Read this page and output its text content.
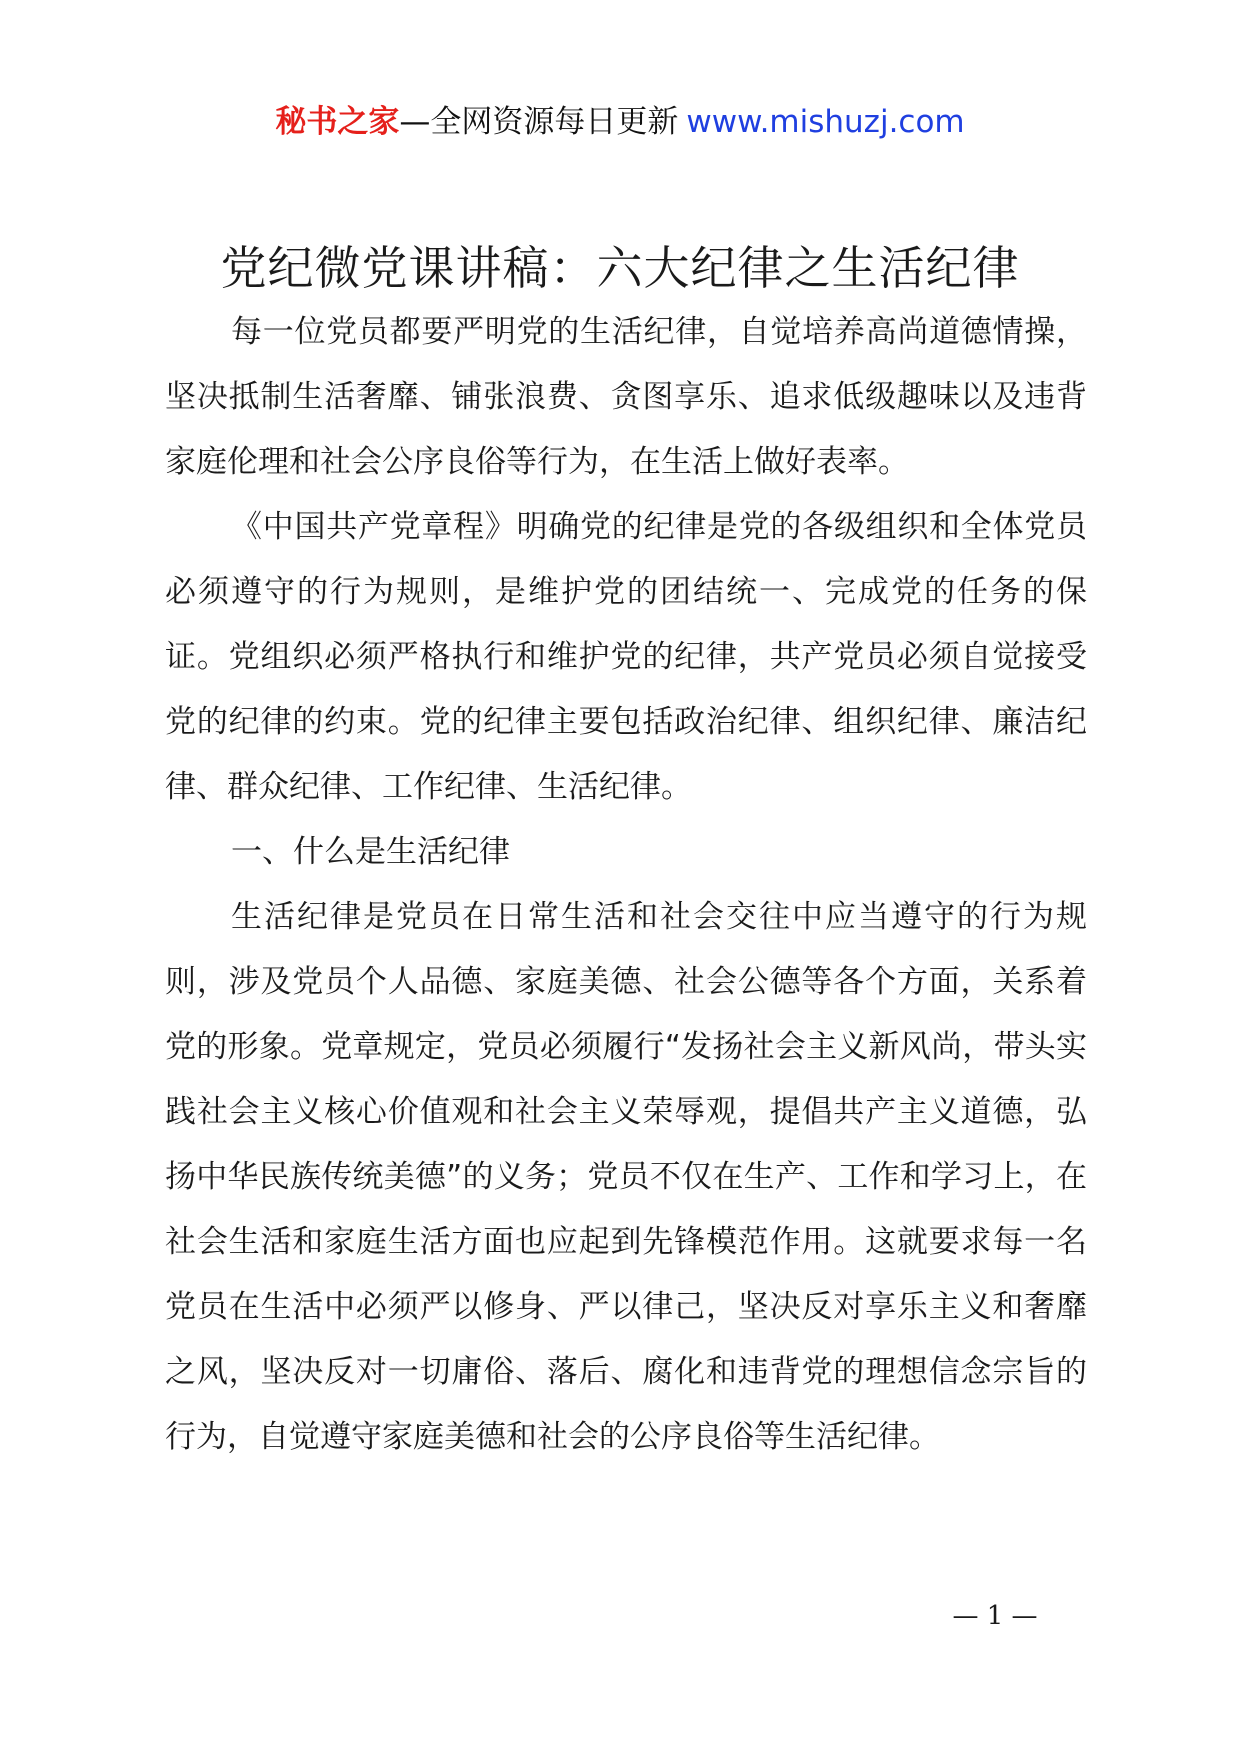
秘书之家—全网资源每日更新 www.mishuzj.com
党纪微党课讲稿：六大纪律之生活纪律

每一位党员都要严明党的生活纪律，自觉培养高尚道德情操，坚决抵制生活奢靡、铺张浪费、贪图享乐、追求低级趣味以及违背家庭伦理和社会公序良俗等行为，在生活上做好表率。

《中国共产党章程》明确党的纪律是党的各级组织和全体党员必须遵守的行为规则，是维护党的团结统一、完成党的任务的保证。党组织必须严格执行和维护党的纪律，共产党员必须自觉接受党的纪律的约束。党的纪律主要包括政治纪律、组织纪律、廉洁纪律、群众纪律、工作纪律、生活纪律。

一、什么是生活纪律

生活纪律是党员在日常生活和社会交往中应当遵守的行为规则，涉及党员个人品德、家庭美德、社会公德等各个方面，关系着党的形象。党章规定，党员必须履行“发扬社会主义新风尚，带头实践社会主义核心价值观和社会主义荣辱观，提倡共产主义道德，弘扬中华民族传统美德”的义务；党员不仅在生产、工作和学习上，在社会生活和家庭生活方面也应起到先锋模范作用。这就要求每一名党员在生活中必须严以修身、严以律己，坚决反对享乐主义和奢靡之风，坚决反对一切庸俗、落后、腐化和违背党的理想信念宗旨的行为，自觉遵守家庭美德和社会的公序良俗等生活纪律。

— 1 —
